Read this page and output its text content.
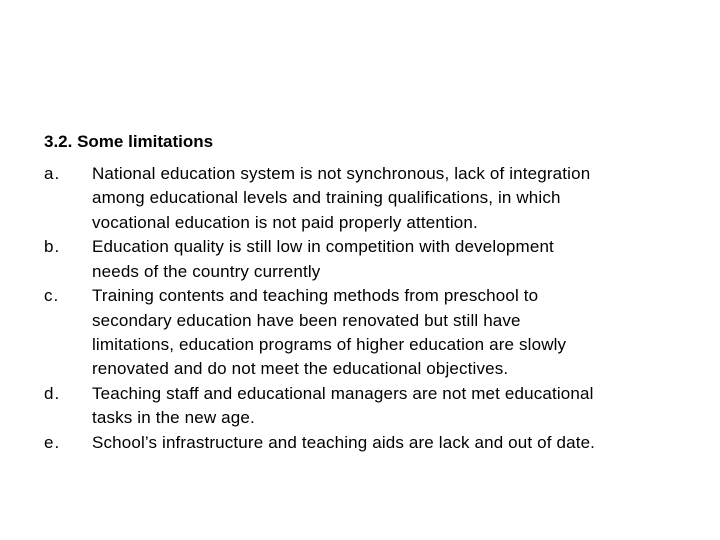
3.2. Some limitations
a. National education system is not synchronous, lack of integration
among educational levels and training qualifications, in which
vocational education is not paid properly attention.
b. Education quality is still low in competition with development
needs of the country currently
c. Training contents and teaching methods from preschool to
secondary education have been renovated but still have
limitations, education programs of higher education are slowly
renovated and do not meet the educational objectives.
d. Teaching staff and educational managers are not met educational
tasks in the new age.
e. School’s infrastructure and teaching aids are lack and out of date.
